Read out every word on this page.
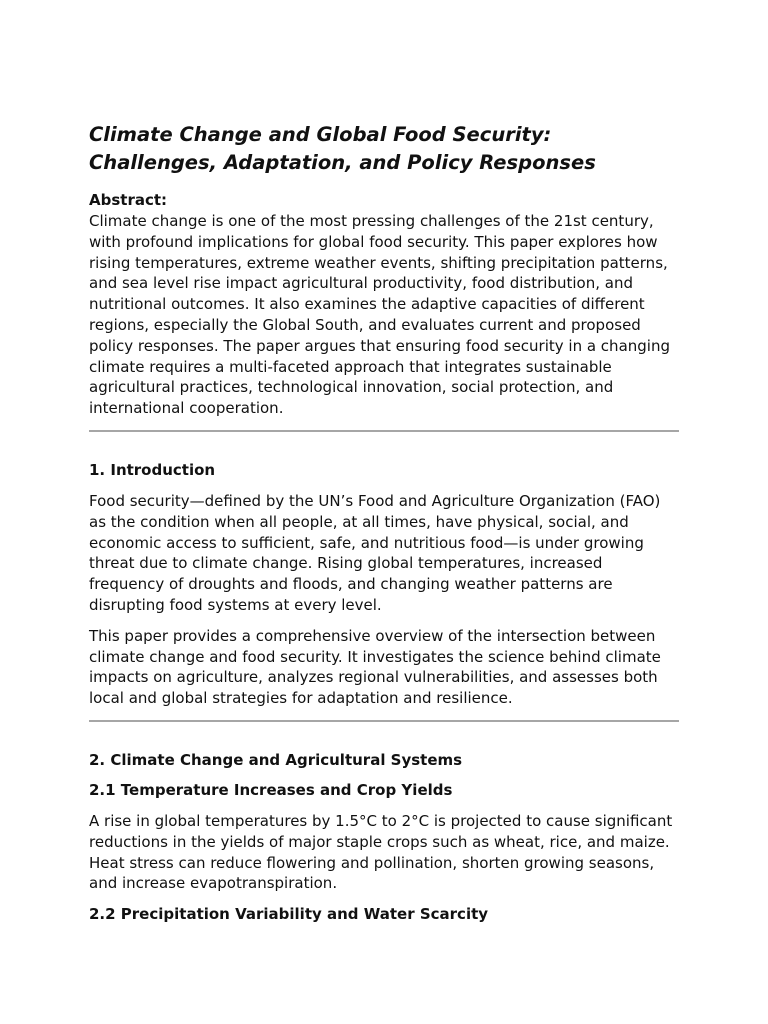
Climate Change and Global Food Security:
Challenges, Adaptation, and Policy Responses
Abstract:

Climate change is one of the most pressing challenges of the 21st century, with profound implications for global food security. This paper explores how rising temperatures, extreme weather events, shifting precipitation patterns, and sea level rise impact agricultural productivity, food distribution, and nutritional outcomes. It also examines the adaptive capacities of different regions, especially the Global South, and evaluates current and proposed policy responses. The paper argues that ensuring food security in a changing climate requires a multi-faceted approach that integrates sustainable agricultural practices, technological innovation, social protection, and international cooperation.

1. Introduction

Food security—defined by the UN’s Food and Agriculture Organization (FAO) as the condition when all people, at all times, have physical, social, and economic access to sufficient, safe, and nutritious food—is under growing threat due to climate change. Rising global temperatures, increased frequency of droughts and floods, and changing weather patterns are disrupting food systems at every level.

This paper provides a comprehensive overview of the intersection between climate change and food security. It investigates the science behind climate impacts on agriculture, analyzes regional vulnerabilities, and assesses both local and global strategies for adaptation and resilience.

2. Climate Change and Agricultural Systems
2.1 Temperature Increases and Crop Yields

A rise in global temperatures by 1.5°C to 2°C is projected to cause significant reductions in the yields of major staple crops such as wheat, rice, and maize. Heat stress can reduce flowering and pollination, shorten growing seasons, and increase evapotranspiration.

2.2 Precipitation Variability and Water Scarcity
